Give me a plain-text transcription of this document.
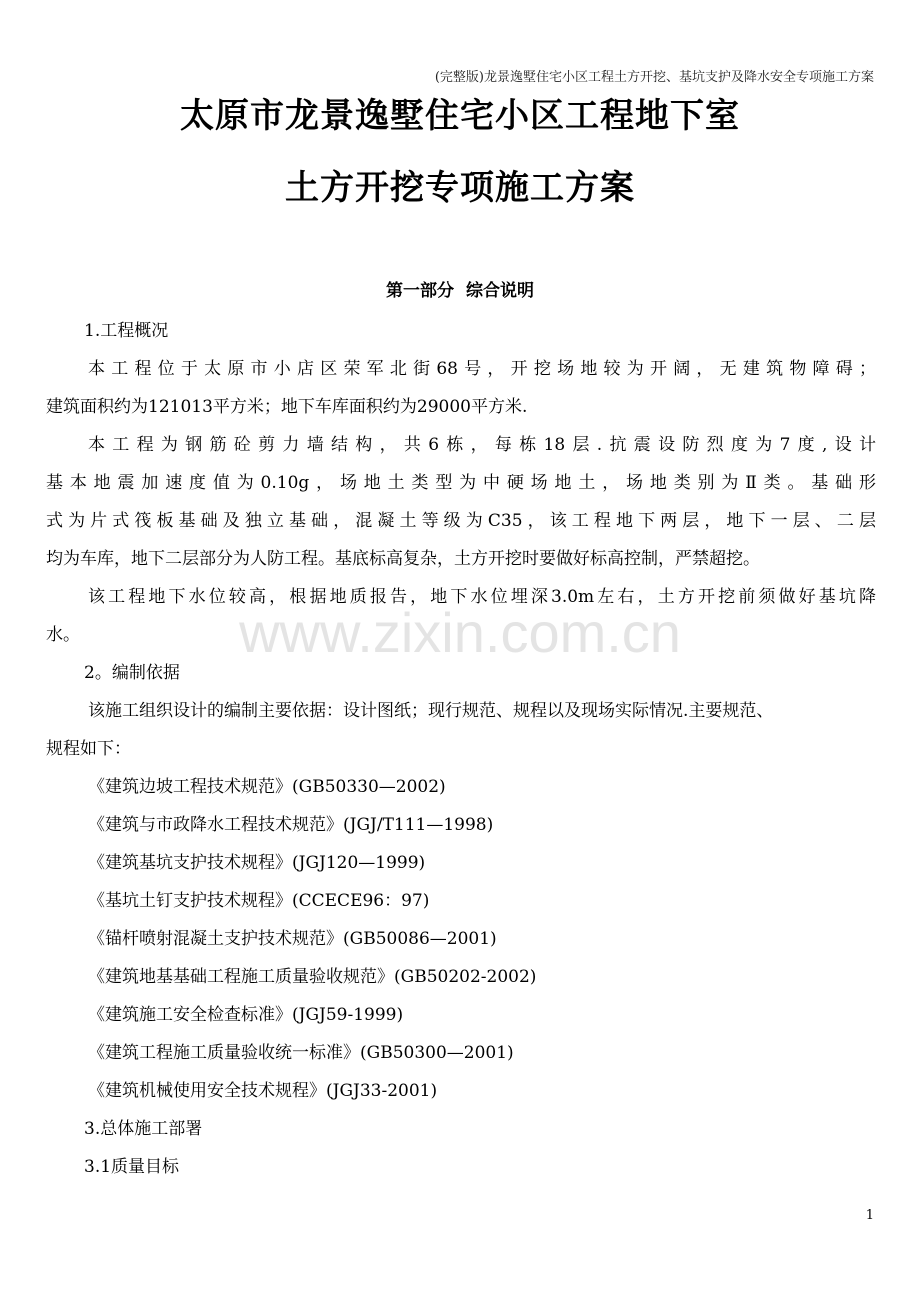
(完整版)龙景逸墅住宅小区工程土方开挖、基坑支护及降水安全专项施工方案
太原市龙景逸墅住宅小区工程地下室
土方开挖专项施工方案
第一部分 综合说明
www.zixin.com.cn
1.工程概况
本工程位于太原市小店区荣军北街68号，开挖场地较为开阔，无建筑物障碍；
建筑面积约为121013平方米；地下车库面积约为29000平方米.
本工程为钢筋砼剪力墙结构，共6栋，每栋18层.抗震设防烈度为7度,设计
基本地震加速度值为0.10g，场地土类型为中硬场地土，场地类别为Ⅱ类。基础形
式为片式筏板基础及独立基础，混凝土等级为C35，该工程地下两层，地下一层、二层
均为车库，地下二层部分为人防工程。基底标高复杂，土方开挖时要做好标高控制，严禁超挖。
该工程地下水位较高，根据地质报告，地下水位埋深3.0m左右，土方开挖前须做好基坑降
水。
2。编制依据
该施工组织设计的编制主要依据：设计图纸；现行规范、规程以及现场实际情况.主要规范、
规程如下：
《建筑边坡工程技术规范》(GB50330—2002)
《建筑与市政降水工程技术规范》(JGJ/T111—1998)
《建筑基坑支护技术规程》(JGJ120—1999)
《基坑土钉支护技术规程》(CCECE96：97)
《锚杆喷射混凝土支护技术规范》(GB50086—2001)
《建筑地基基础工程施工质量验收规范》(GB50202-2002)
《建筑施工安全检查标准》(JGJ59-1999)
《建筑工程施工质量验收统一标准》(GB50300—2001)
《建筑机械使用安全技术规程》(JGJ33-2001)
3.总体施工部署
3.1质量目标
1
